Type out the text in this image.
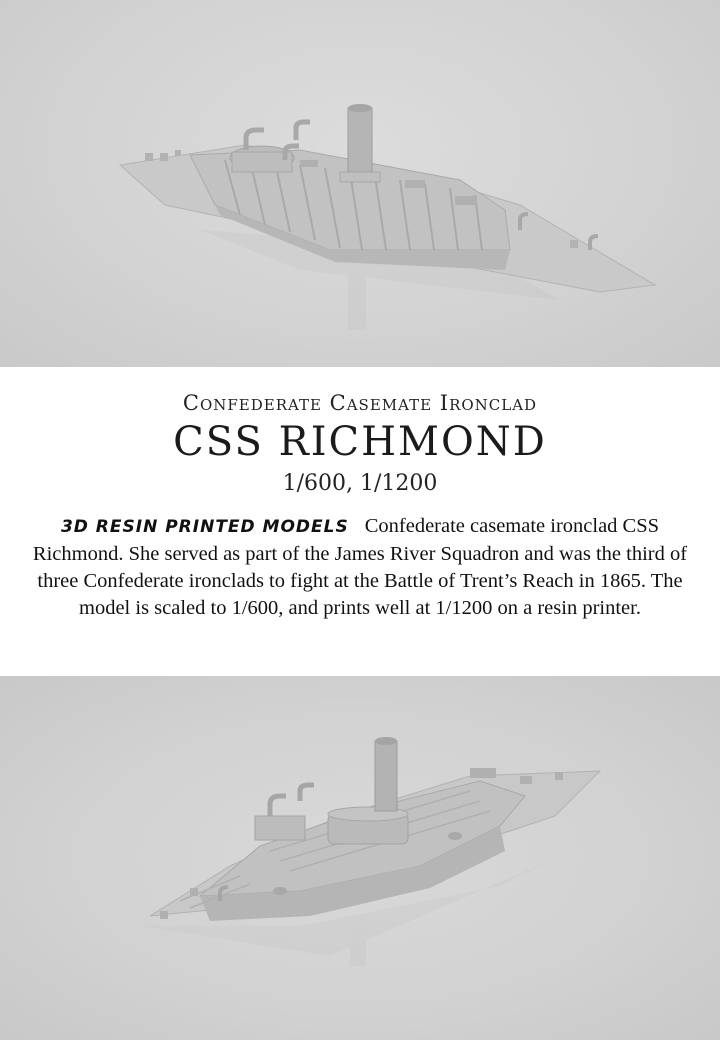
Confederate Casemate Ironclad
CSS RICHMOND
1/600, 1/1200
3D RESIN PRINTED MODELS Confederate casemate ironclad CSS Richmond. She served as part of the James River Squadron and was the third of three Confederate ironclads to fight at the Battle of Trent’s Reach in 1865. The model is scaled to 1/600, and prints well at 1/1200 on a resin printer.
